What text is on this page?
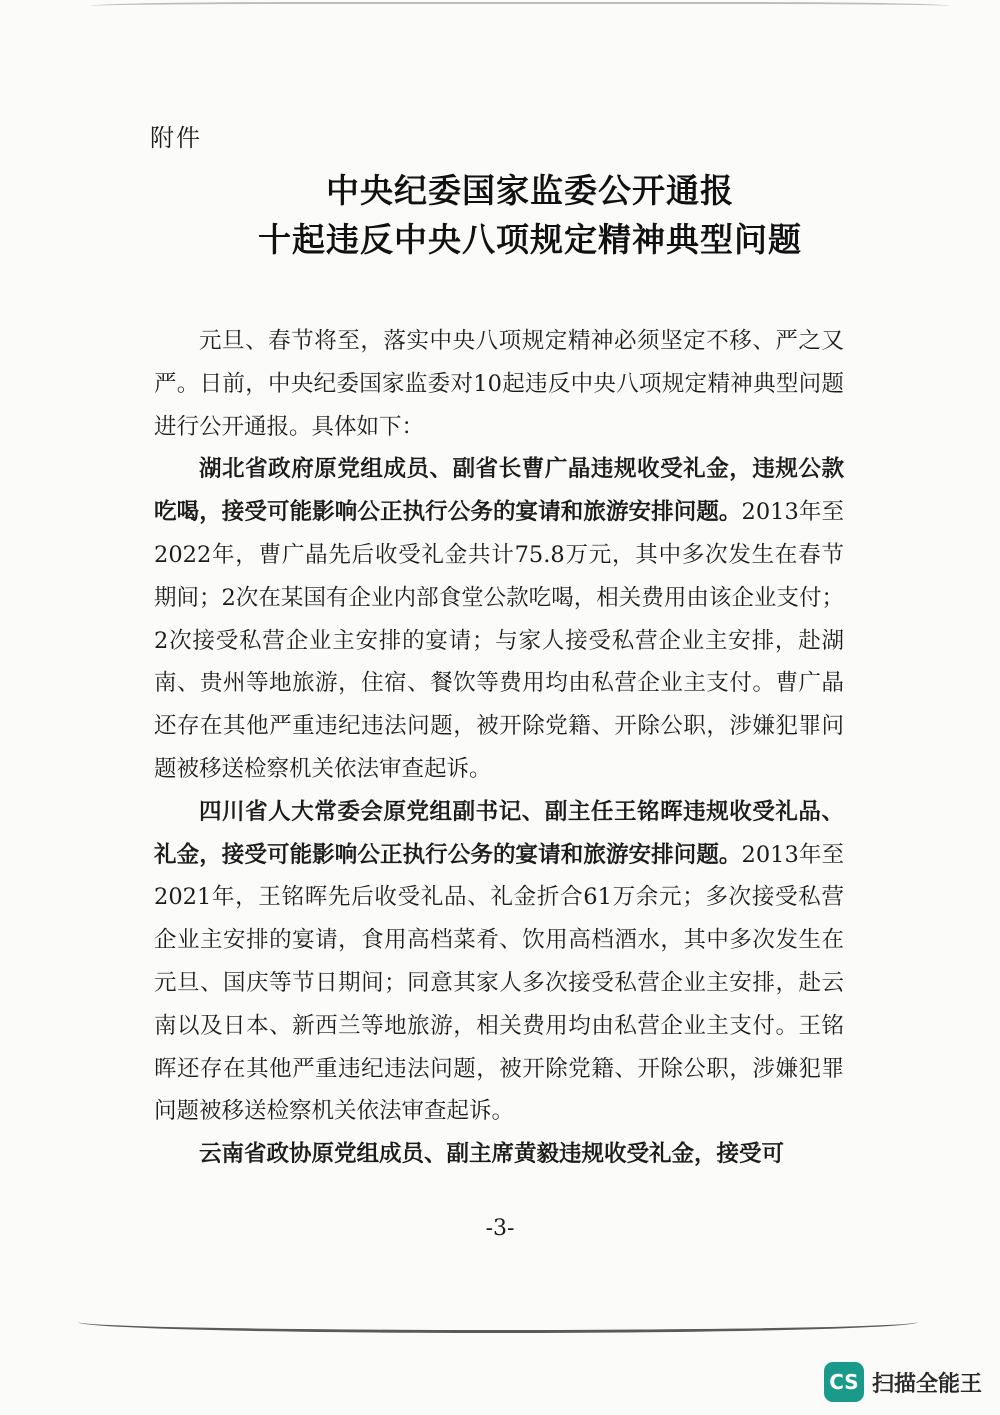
附件
中央纪委国家监委公开通报
十起违反中央八项规定精神典型问题

元旦、春节将至，落实中央八项规定精神必须坚定不移、严之又严。日前，中央纪委国家监委对10起违反中央八项规定精神典型问题进行公开通报。具体如下：

湖北省政府原党组成员、副省长曹广晶违规收受礼金，违规公款吃喝，接受可能影响公正执行公务的宴请和旅游安排问题。2013年至2022年，曹广晶先后收受礼金共计75.8万元，其中多次发生在春节期间；2次在某国有企业内部食堂公款吃喝，相关费用由该企业支付；2次接受私营企业主安排的宴请；与家人接受私营企业主安排，赴湖南、贵州等地旅游，住宿、餐饮等费用均由私营企业主支付。曹广晶还存在其他严重违纪违法问题，被开除党籍、开除公职，涉嫌犯罪问题被移送检察机关依法审查起诉。

四川省人大常委会原党组副书记、副主任王铭晖违规收受礼品、礼金，接受可能影响公正执行公务的宴请和旅游安排问题。2013年至2021年，王铭晖先后收受礼品、礼金折合61万余元；多次接受私营企业主安排的宴请，食用高档菜肴、饮用高档酒水，其中多次发生在元旦、国庆等节日期间；同意其家人多次接受私营企业主安排，赴云南以及日本、新西兰等地旅游，相关费用均由私营企业主支付。王铭晖还存在其他严重违纪违法问题，被开除党籍、开除公职，涉嫌犯罪问题被移送检察机关依法审查起诉。

云南省政协原党组成员、副主席黄毅违规收受礼金，接受可

-3-
CS 扫描全能王
